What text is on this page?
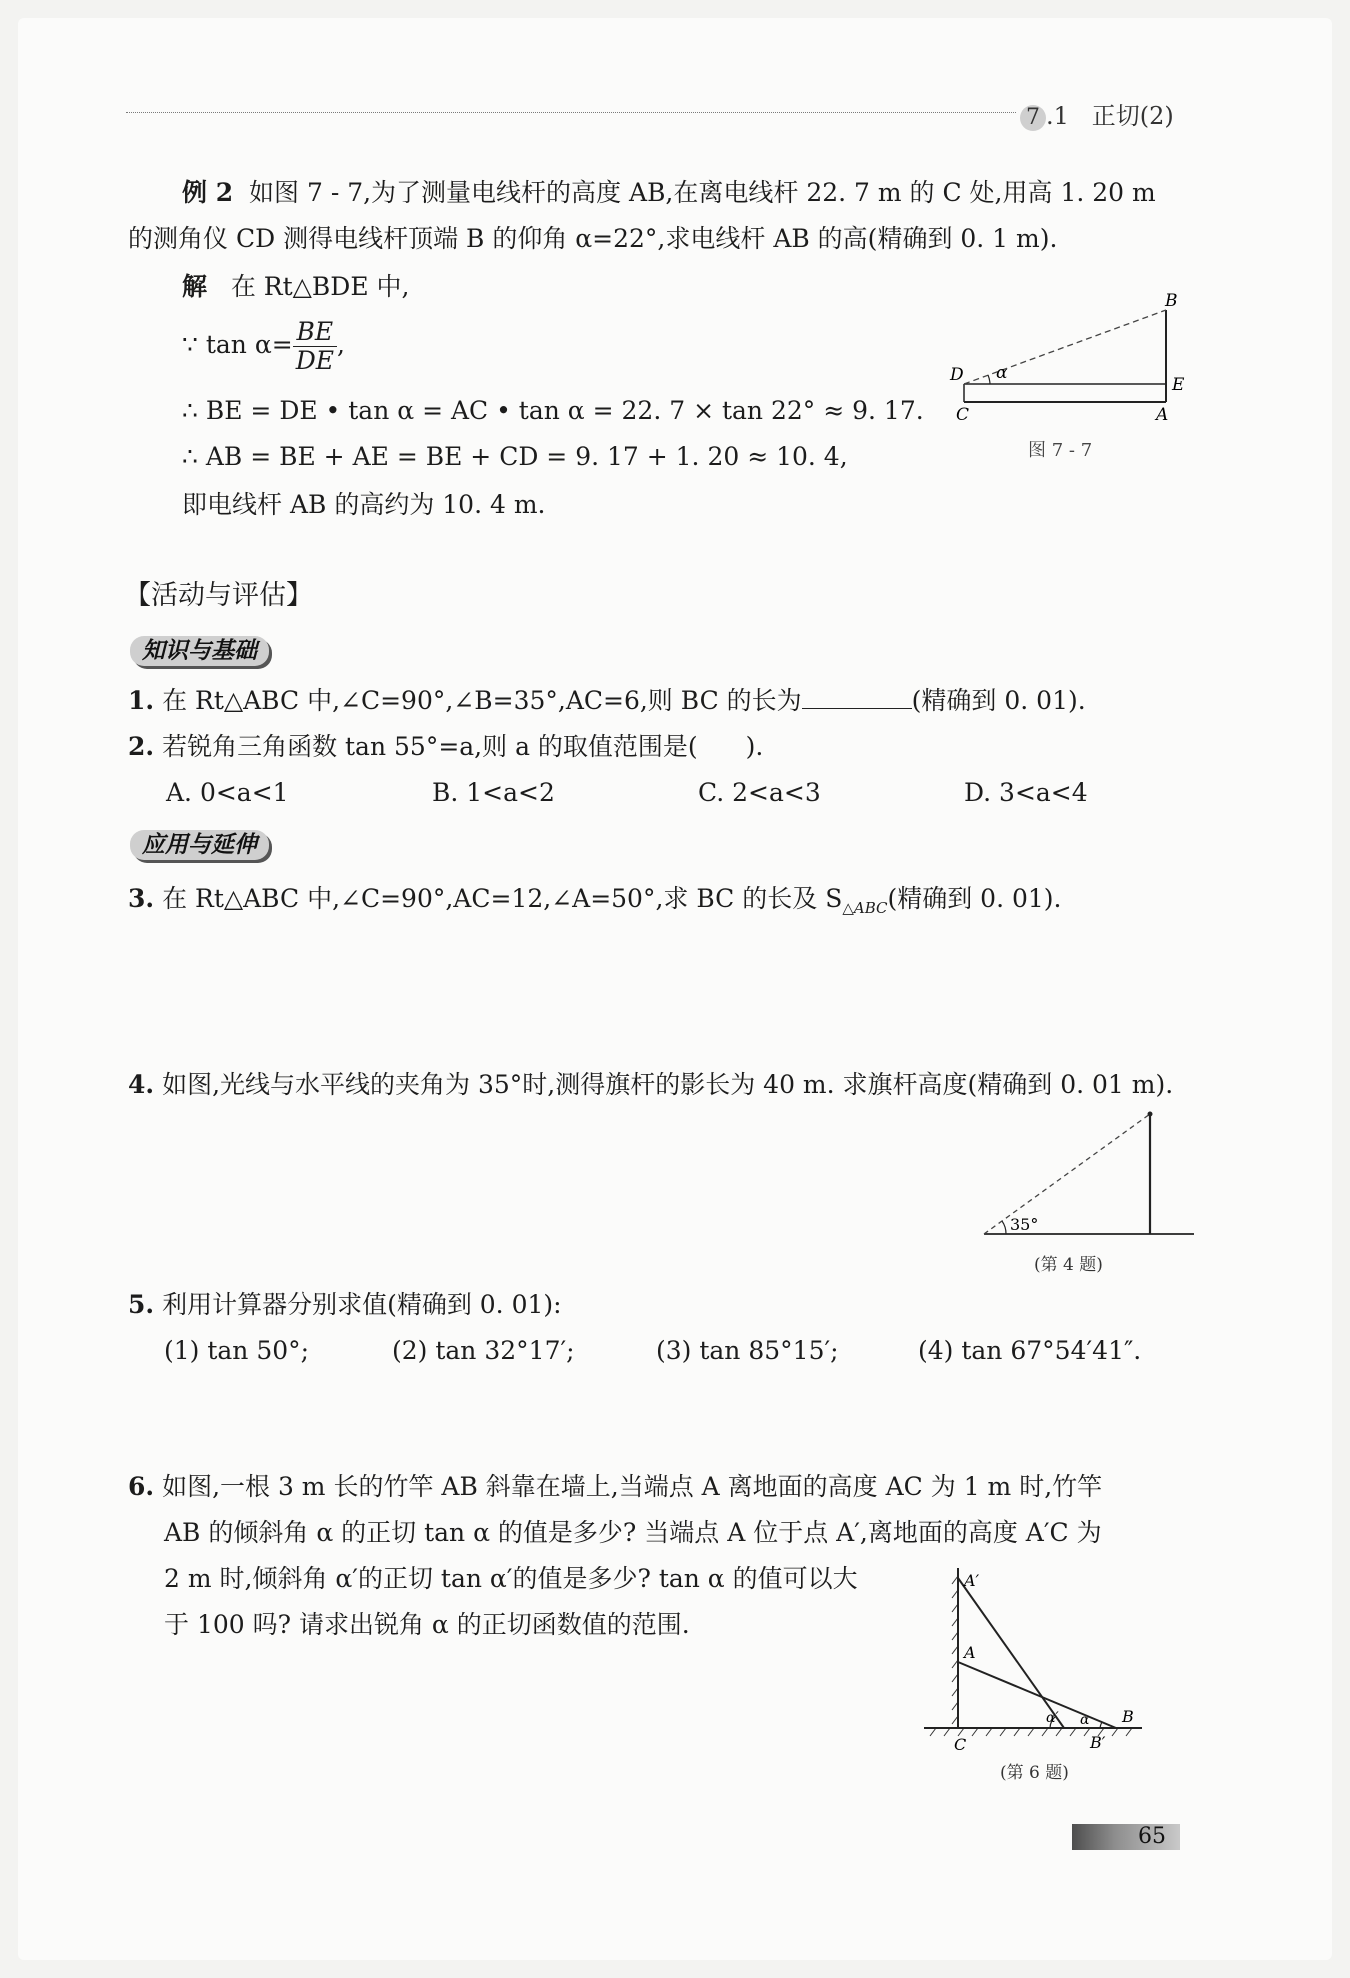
7 .1 正切(2)
例 2 如图 7 - 7,为了测量电线杆的高度 AB,在离电线杆 22. 7 m 的 C 处,用高 1. 20 m
的测角仪 CD 测得电线杆顶端 B 的仰角 α=22°,求电线杆 AB 的高(精确到 0. 1 m).
解 在 Rt△BDE 中,
∵ $\tan \alpha= \frac{BE}{DE}$ ,
∴ BE = DE • tan α = AC • tan α = 22. 7 × tan 22° ≈ 9. 17.
∴ AB = BE + AE = BE + CD = 9. 17 + 1. 20 ≈ 10. 4,
即电线杆 AB 的高约为 10. 4 m.
B
D α
E
C	A
图 7 - 7
【活动与评估】
知识与基础
1. 在 Rt△ABC 中,∠C=90°,∠B=35°,AC=6,则 BC 的长为	(精确到 0. 01).
2. 若锐角三角函数 tan 55°=a,则 a 的取值范围是( ).
A. 0<a<1	B. 1<a<2	C. 2<a<3	D. 3<a<4
应用与延伸
3. 在 Rt△ABC 中,∠C=90°,AC=12,∠A=50°,求 BC 的长及 $S_{\triangle ABC}$(精确到 0. 01).
4. 如图,光线与水平线的夹角为 35°时,测得旗杆的影长为 40 m. 求旗杆高度(精确到 0. 01 m).
35°
(第 4 题)
5. 利用计算器分别求值(精确到 0. 01):
(1) tan 50°;	(2) tan 32°17′;	(3) tan 85°15′;	(4) tan 67°54′41″.
6. 如图,一根 3 m 长的竹竿 AB 斜靠在墙上,当端点 A 离地面的高度 AC 为 1 m 时,竹竿
AB 的倾斜角 α 的正切 tan α 的值是多少? 当端点 A 位于点 A′,离地面的高度 A′C 为
2 m 时,倾斜角 α′的正切 tan α′的值是多少? tan α 的值可以大
于 100 吗? 请求出锐角 α 的正切函数值的范围.
A′
A
C
B
B′
α′ α
(第 6 题)
65
